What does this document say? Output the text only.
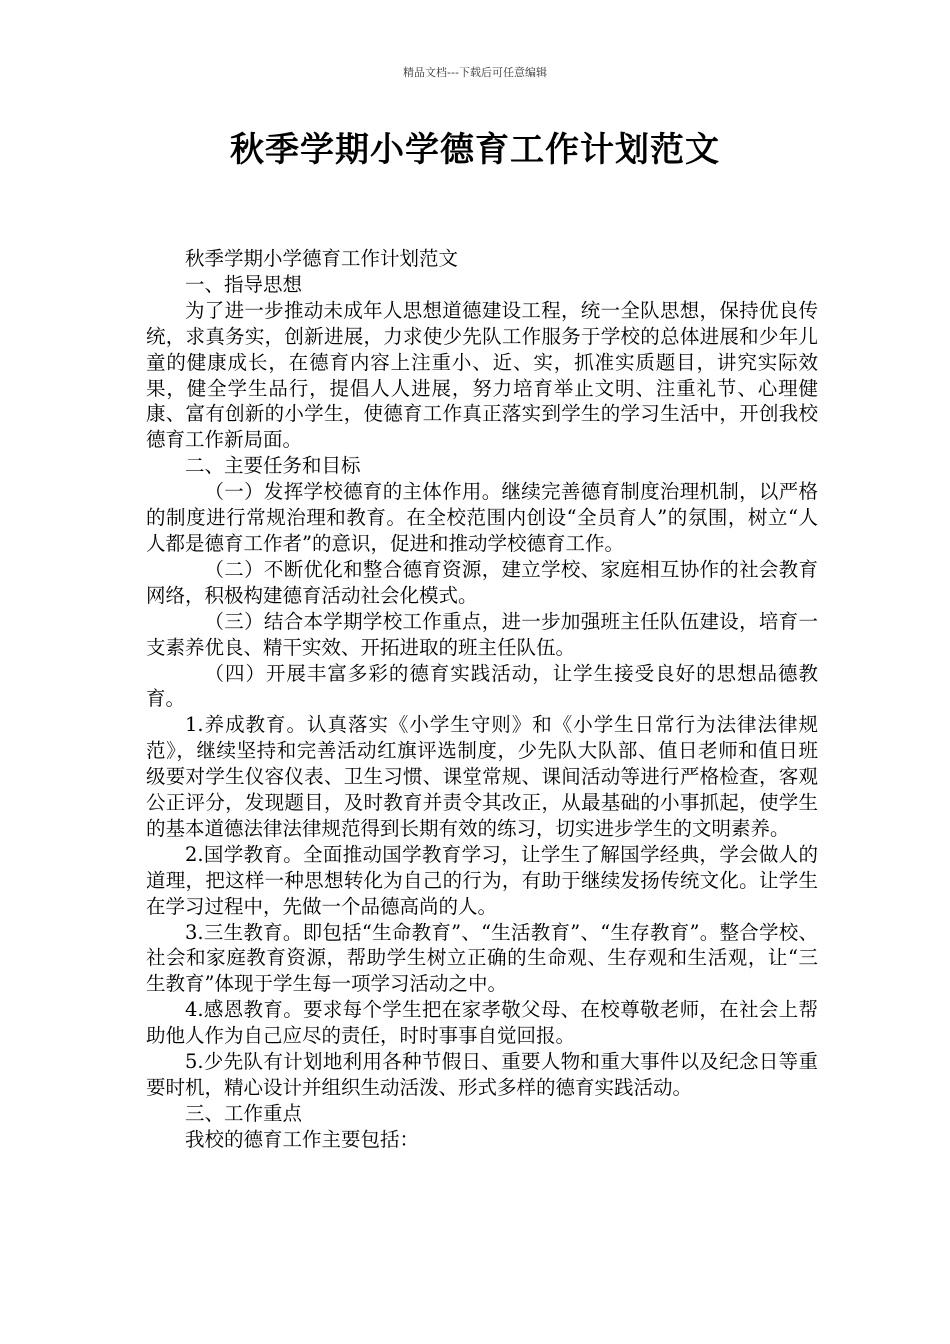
精品文档---下载后可任意编辑
秋季学期小学德育工作计划范文

秋季学期小学德育工作计划范文

一、指导思想

为了进一步推动未成年人思想道德建设工程，统一全队思想，保持优良传统，求真务实，创新进展，力求使少先队工作服务于学校的总体进展和少年儿童的健康成长，在德育内容上注重小、近、实，抓准实质题目，讲究实际效果，健全学生品行，提倡人人进展，努力培育举止文明、注重礼节、心理健康、富有创新的小学生，使德育工作真正落实到学生的学习生活中，开创我校德育工作新局面。

二、主要任务和目标

（一）发挥学校德育的主体作用。继续完善德育制度治理机制，以严格的制度进行常规治理和教育。在全校范围内创设“全员育人”的氛围，树立“人人都是德育工作者”的意识，促进和推动学校德育工作。

（二）不断优化和整合德育资源，建立学校、家庭相互协作的社会教育网络，积极构建德育活动社会化模式。

（三）结合本学期学校工作重点，进一步加强班主任队伍建设，培育一支素养优良、精干实效、开拓进取的班主任队伍。

（四）开展丰富多彩的德育实践活动，让学生接受良好的思想品德教育。

1.养成教育。认真落实《小学生守则》和《小学生日常行为法律法律规范》，继续坚持和完善活动红旗评选制度，少先队大队部、值日老师和值日班级要对学生仪容仪表、卫生习惯、课堂常规、课间活动等进行严格检查，客观公正评分，发现题目，及时教育并责令其改正，从最基础的小事抓起，使学生的基本道德法律法律规范得到长期有效的练习，切实进步学生的文明素养。

2.国学教育。全面推动国学教育学习，让学生了解国学经典，学会做人的道理，把这样一种思想转化为自己的行为，有助于继续发扬传统文化。让学生在学习过程中，先做一个品德高尚的人。

3.三生教育。即包括“生命教育”、“生活教育”、“生存教育”。整合学校、社会和家庭教育资源，帮助学生树立正确的生命观、生存观和生活观，让“三生教育”体现于学生每一项学习活动之中。

4.感恩教育。要求每个学生把在家孝敬父母、在校尊敬老师，在社会上帮助他人作为自己应尽的责任，时时事事自觉回报。

5.少先队有计划地利用各种节假日、重要人物和重大事件以及纪念日等重要时机，精心设计并组织生动活泼、形式多样的德育实践活动。

三、工作重点

我校的德育工作主要包括：
